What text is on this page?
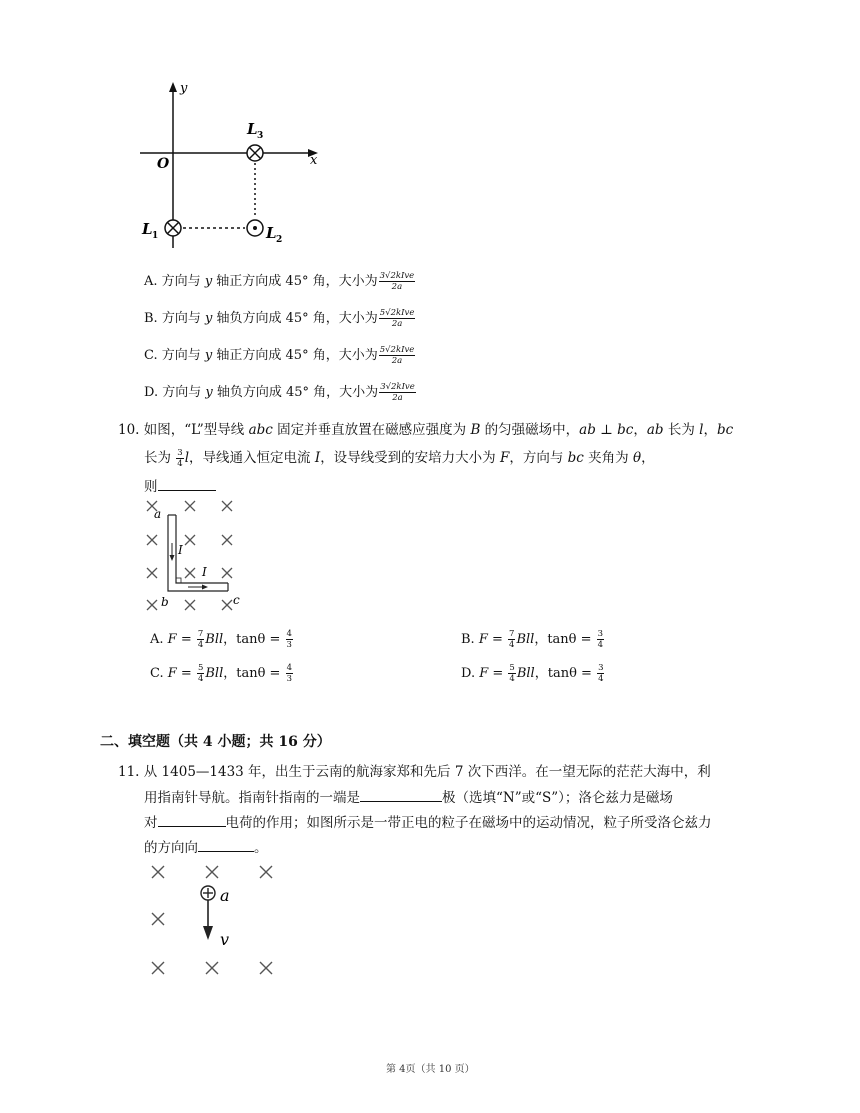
y
x
O
L 3
L 1	L 2
A. 方向与 y 轴正方向成 45° 角，大小为 $\frac{\text{3√2kIve}}{2a}$
B. 方向与 y 轴负方向成 45° 角，大小为 $\frac{\text{5√2kIve}}{2a}$
C. 方向与 y 轴正方向成 45° 角，大小为 $\frac{\text{5√2kIve}}{2a}$
D. 方向与 y 轴负方向成 45° 角，大小为 $\frac{\text{3√2kIve}}{2a}$
10. 如图，“L”型导线 abc 固定并垂直放置在磁感应强度为 B 的匀强磁场中，ab ⊥ bc，ab 长为 l，bc
长为 $\frac{3}{4}$ l，导线通入恒定电流 I，设导线受到的安培力大小为 F，方向与 bc 夹角为 θ，
则
a
b	c
I
I
A. $F = \frac{7}{4}$ Bll，$\tan\theta = \frac{4}{3}$	B. $F = \frac{7}{4}$ Bll，$\tan\theta = \frac{3}{4}$
C. $F = \frac{5}{4}$ Bll，$\tan\theta = \frac{4}{3}$	D. $F = \frac{5}{4}$ Bll，$\tan\theta = \frac{3}{4}$
二、填空题（共 4 小题；共 16 分）
11. 从 1405—1433 年，出生于云南的航海家郑和先后 7 次下西洋。在一望无际的茫茫大海中，利
用指南针导航。指南针指南的一端是	极（选填“N”或“S”）；洛仑兹力是磁场
对	电荷的作用；如图所示是一带正电的粒子在磁场中的运动情况，粒子所受洛仑兹力
的方向向	。
a
v
第 4页（共 10 页）
